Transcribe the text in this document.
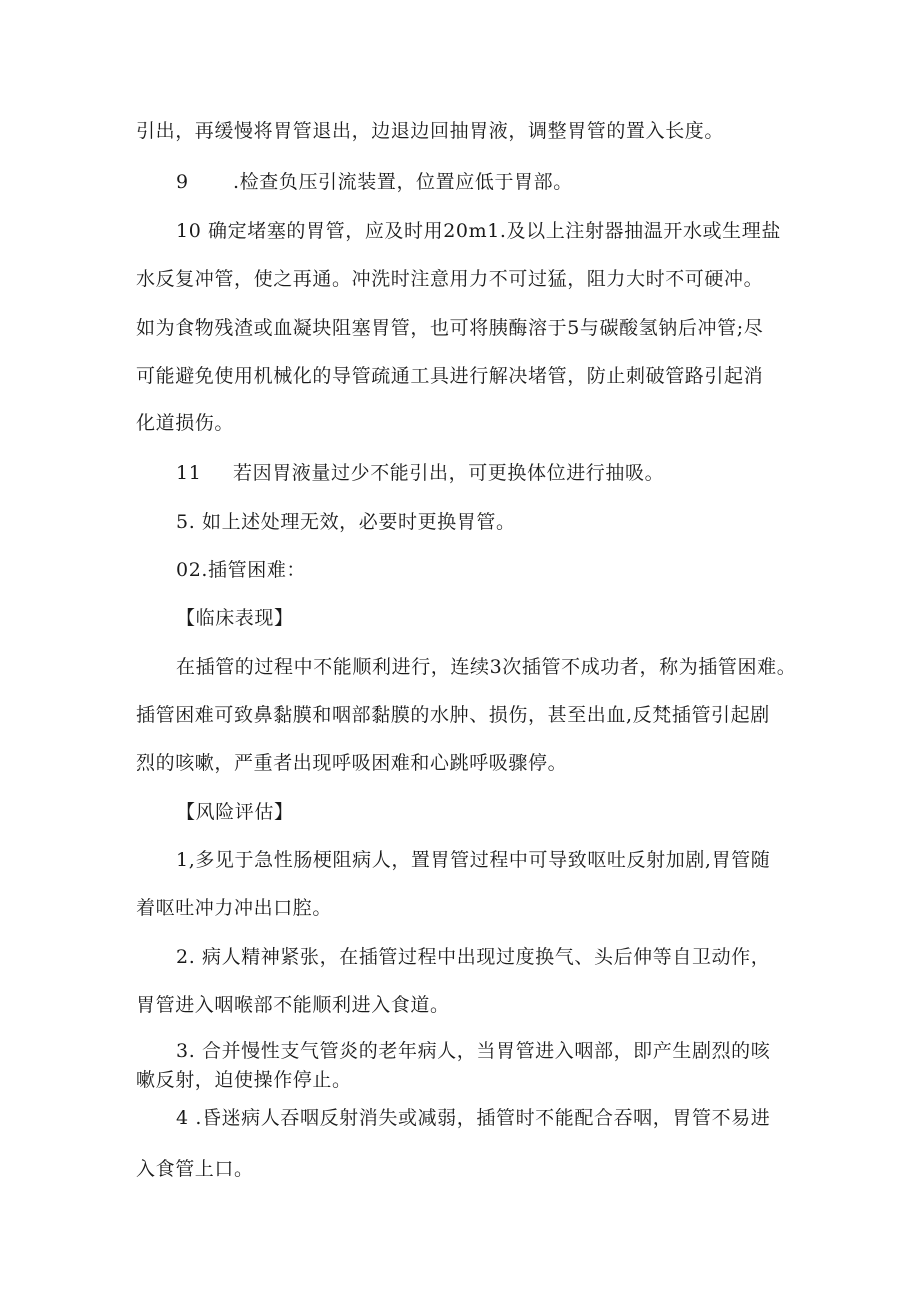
引出，再缓慢将胃管退出，边退边回抽胃液，调整胃管的置入长度。
9 .检查负压引流装置，位置应低于胃部。
10 确定堵塞的胃管，应及时用20m1.及以上注射器抽温开水或生理盐
水反复冲管，使之再通。冲洗时注意用力不可过猛，阻力大时不可硬冲。
如为食物残渣或血凝块阻塞胃管，也可将胰酶溶于5与碳酸氢钠后冲管;尽
可能避免使用机械化的导管疏通工具进行解决堵管，防止刺破管路引起消
化道损伤。
11 若因胃液量过少不能引出，可更换体位进行抽吸。
5. 如上述处理无效，必要时更换胃管。
02.插管困难：
【临床表现】
在插管的过程中不能顺利进行，连续3次插管不成功者，称为插管困难。
插管困难可致鼻黏膜和咽部黏膜的水肿、损伤，甚至出血,反梵插管引起剧
烈的咳嗽，严重者出现呼吸困难和心跳呼吸骤停。
【风险评估】
1,多见于急性肠梗阻病人，置胃管过程中可导致呕吐反射加剧,胃管随
着呕吐冲力冲出口腔。
2. 病人精神紧张，在插管过程中出现过度换气、头后伸等自卫动作，
胃管进入咽喉部不能顺利进入食道。
3. 合并慢性支气管炎的老年病人，当胃管进入咽部，即产生剧烈的咳
嗽反射，迫使操作停止。
4 .昏迷病人吞咽反射消失或减弱，插管时不能配合吞咽，胃管不易进
入食管上口。
